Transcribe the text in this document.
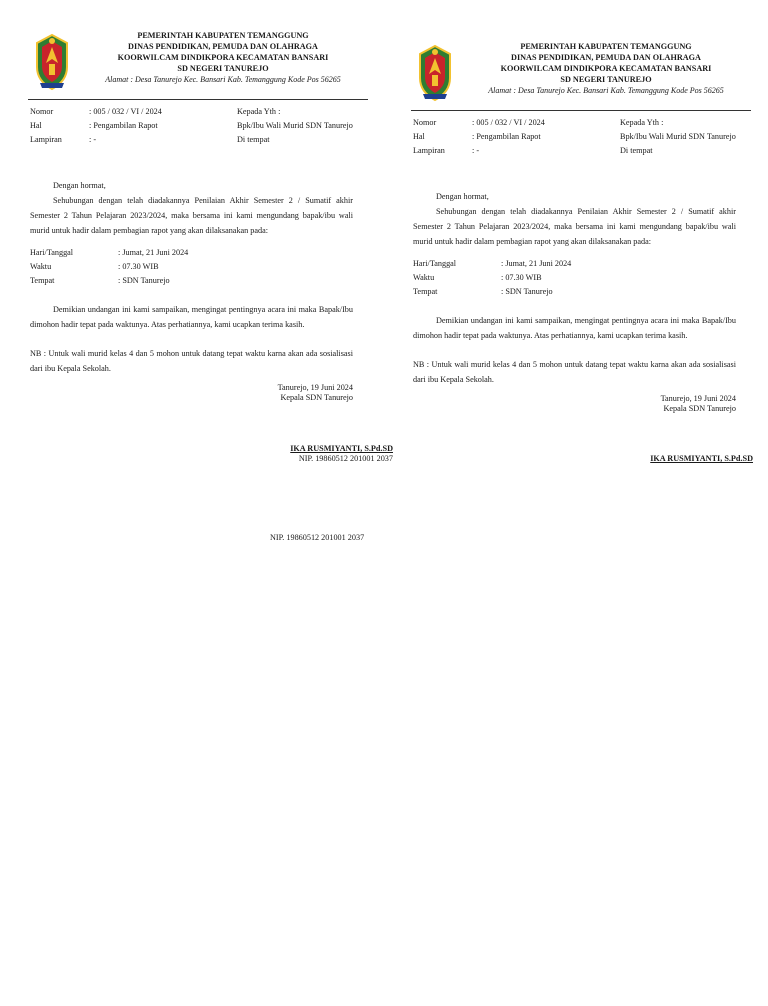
PEMERINTAH KABUPATEN TEMANGGUNG
DINAS PENDIDIKAN, PEMUDA DAN OLAHRAGA
KOORWILCAM DINDIKPORA KECAMATAN BANSARI
SD NEGERI TANUREJO
Alamat : Desa Tanurejo Kec. Bansari Kab. Temanggung Kode Pos 56265
Nomor	: 005 / 032 / VI / 2024
Hal	: Pengambilan Rapot
Lampiran	: -
Kepada Yth :
Bpk/Ibu Wali Murid SDN Tanurejo
Di tempat

Dengan hormat,

Sehubungan dengan telah diadakannya Penilaian Akhir Semester 2 / Sumatif akhir Semester 2 Tahun Pelajaran 2023/2024, maka bersama ini kami mengundang bapak/ibu wali murid untuk hadir dalam pembagian rapot yang akan dilaksanakan pada:

Hari/Tanggal	: Jumat, 21 Juni 2024
Waktu	: 07.30 WIB
Tempat	: SDN Tanurejo

Demikian undangan ini kami sampaikan, mengingat pentingnya acara ini maka Bapak/Ibu dimohon hadir tepat pada waktunya. Atas perhatiannya, kami ucapkan terima kasih.

NB : Untuk wali murid kelas 4 dan 5 mohon untuk datang tepat waktu karna akan ada sosialisasi dari ibu Kepala Sekolah.

Tanurejo, 19 Juni 2024
Kepala SDN Tanurejo
IKA RUSMIYANTI, S.Pd.SD
NIP. 19860512 201001 2037
NIP. 19860512 201001 2037
PEMERINTAH KABUPATEN TEMANGGUNG
DINAS PENDIDIKAN, PEMUDA DAN OLAHRAGA
KOORWILCAM DINDIKPORA KECAMATAN BANSARI
SD NEGERI TANUREJO
Alamat : Desa Tanurejo Kec. Bansari Kab. Temanggung Kode Pos 56265
Nomor	: 005 / 032 / VI / 2024
Hal	: Pengambilan Rapot
Lampiran	: -
Kepada Yth :
Bpk/Ibu Wali Murid SDN Tanurejo
Di tempat

Dengan hormat,

Sehubungan dengan telah diadakannya Penilaian Akhir Semester 2 / Sumatif akhir Semester 2 Tahun Pelajaran 2023/2024, maka bersama ini kami mengundang bapak/ibu wali murid untuk hadir dalam pembagian rapot yang akan dilaksanakan pada:

Hari/Tanggal	: Jumat, 21 Juni 2024
Waktu	: 07.30 WIB
Tempat	: SDN Tanurejo

Demikian undangan ini kami sampaikan, mengingat pentingnya acara ini maka Bapak/Ibu dimohon hadir tepat pada waktunya. Atas perhatiannya, kami ucapkan terima kasih.

NB : Untuk wali murid kelas 4 dan 5 mohon untuk datang tepat waktu karna akan ada sosialisasi dari ibu Kepala Sekolah.

Tanurejo, 19 Juni 2024
Kepala SDN Tanurejo
IKA RUSMIYANTI, S.Pd.SD
